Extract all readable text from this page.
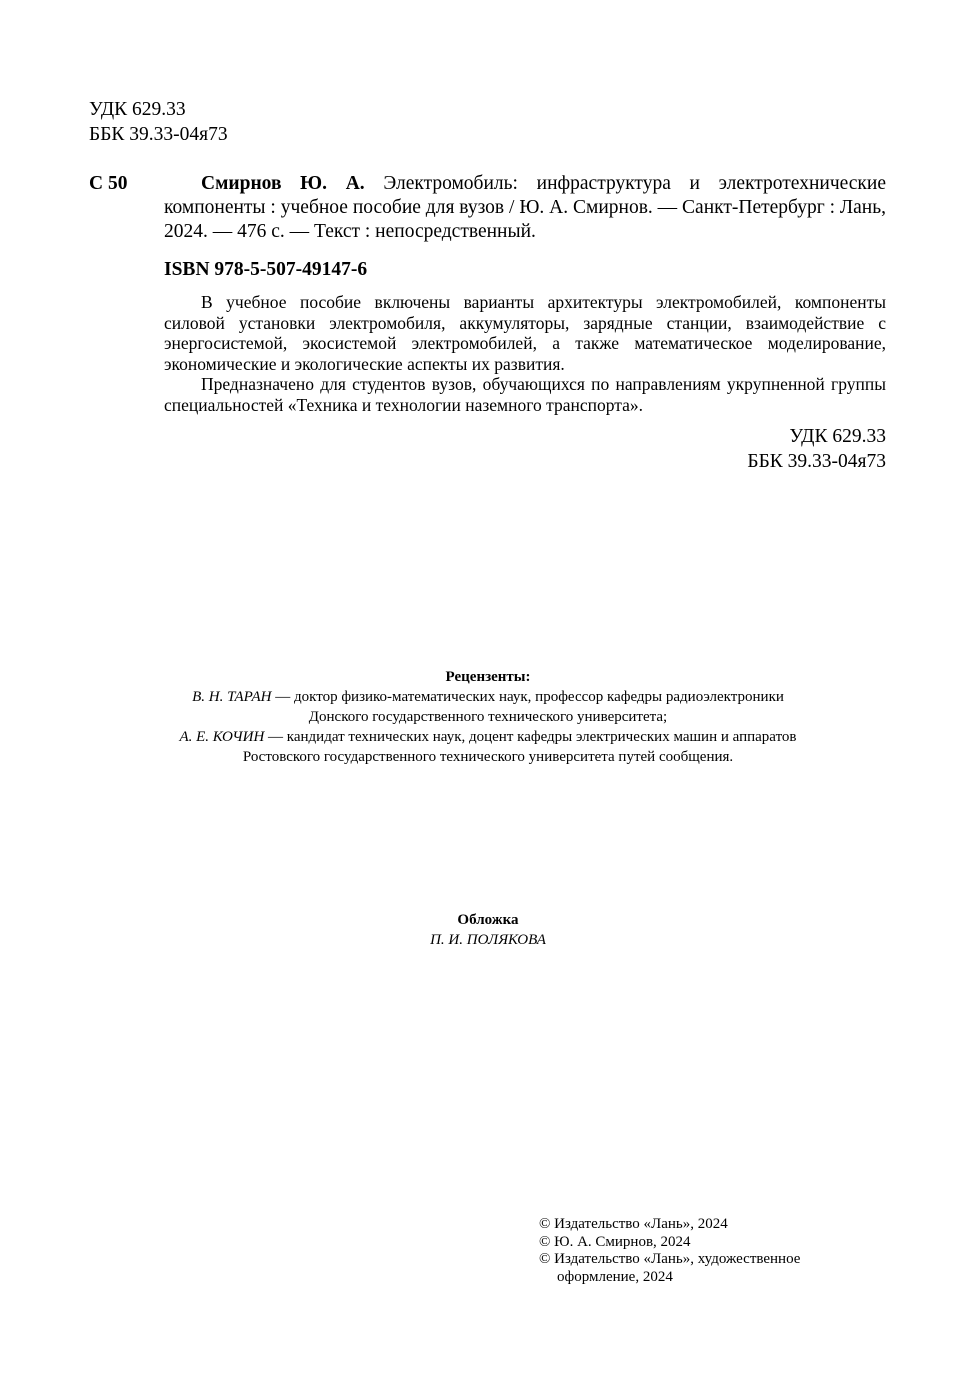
УДК 629.33
ББК 39.33-04я73
С 50	Смирнов Ю. А. Электромобиль: инфраструктура и электротехнические компоненты : учебное пособие для вузов / Ю. А. Смирнов. — Санкт-Петербург : Лань, 2024. — 476 с. — Текст : непосредственный.
ISBN 978-5-507-49147-6

В учебное пособие включены варианты архитектуры электромобилей, компоненты силовой установки электромобиля, аккумуляторы, зарядные станции, взаимодействие с энергосистемой, экосистемой электромобилей, а также математическое моделирование, экономические и экологические аспекты их развития.

Предназначено для студентов вузов, обучающихся по направлениям укрупненной группы специальностей «Техника и технологии наземного транспорта».

УДК 629.33
ББК 39.33-04я73
Рецензенты:
В. Н. ТАРАН — доктор физико-математических наук, профессор кафедры радиоэлектроники
Донского государственного технического университета;
А. Е. КОЧИН — кандидат технических наук, доцент кафедры электрических машин и аппаратов
Ростовского государственного технического университета путей сообщения.
Обложка
П. И. ПОЛЯКОВА
© Издательство «Лань», 2024
© Ю. А. Смирнов, 2024
© Издательство «Лань», художественное
оформление, 2024
